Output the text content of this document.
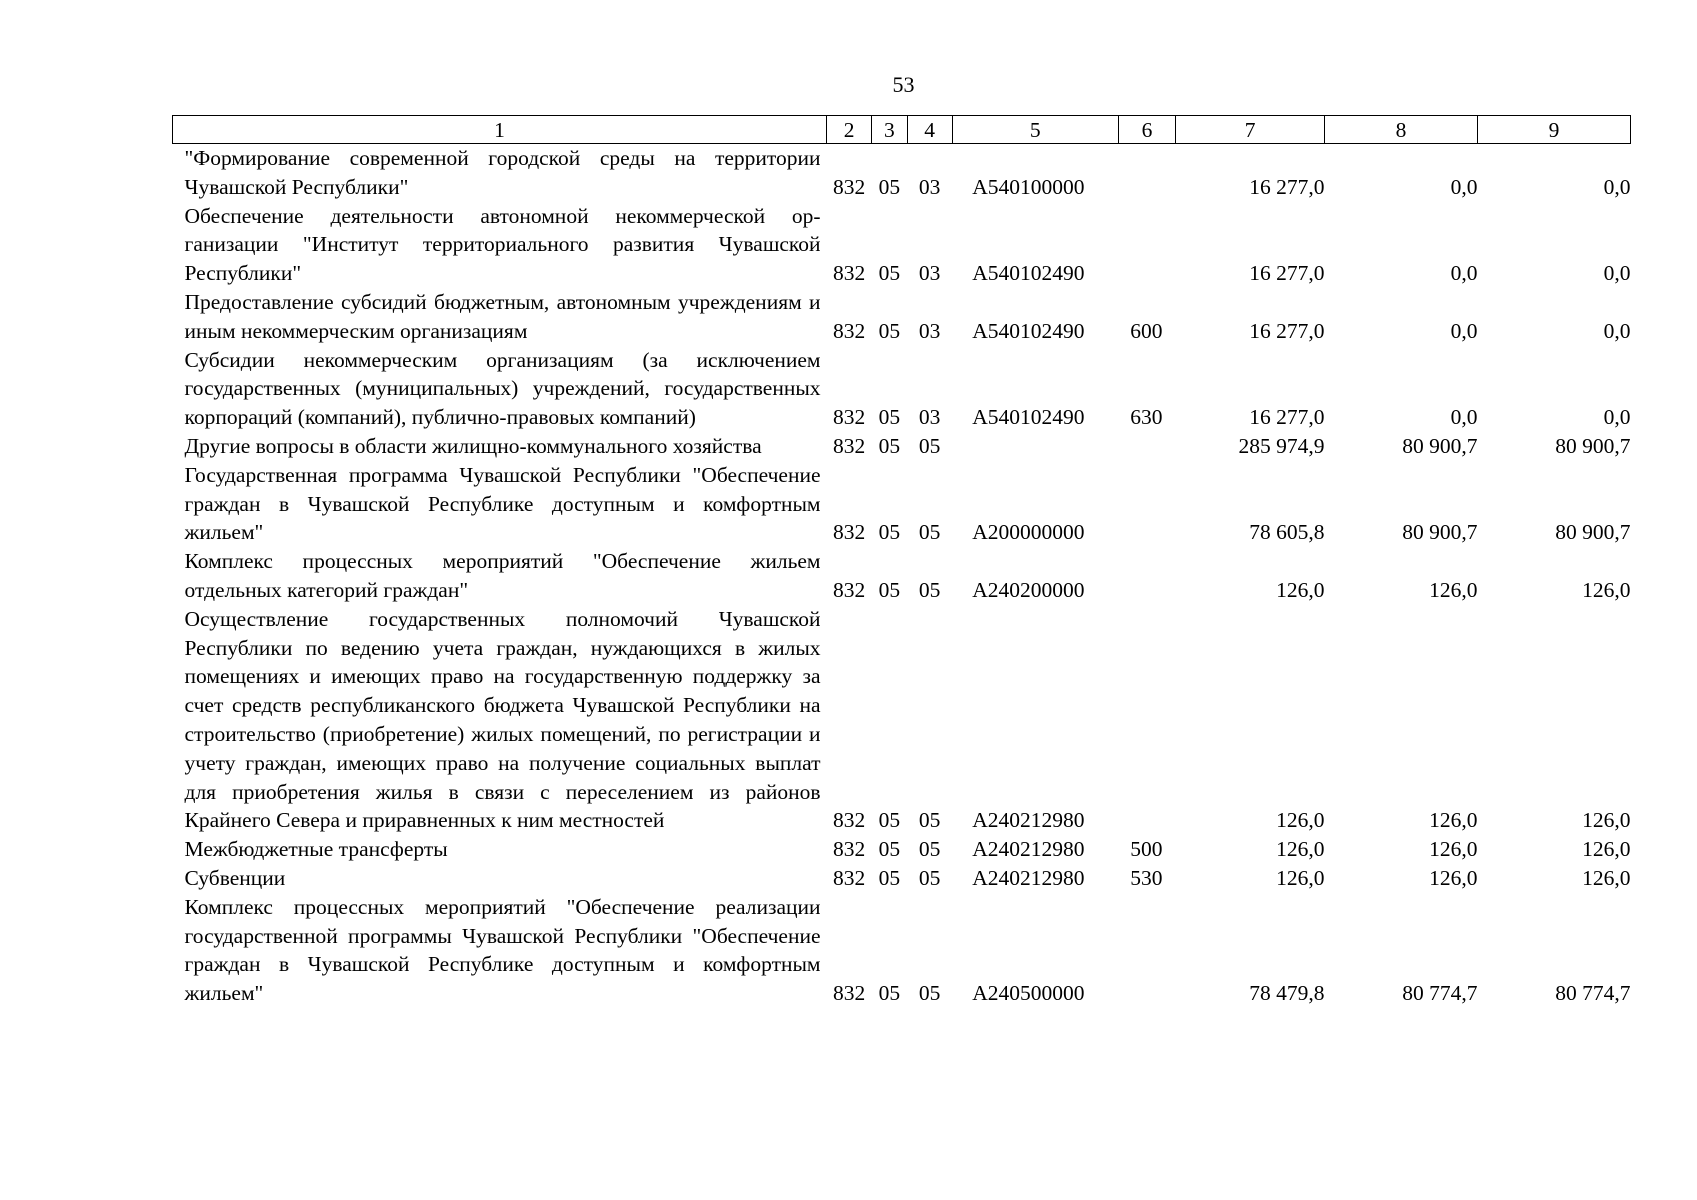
53
1	2	3	4	5	6	7	8	9
"Формирование современной городской среды на территории Чувашской Республики"	832	05	03	A540100000		16 277,0	0,0	0,0
Обеспечение деятельности автономной некоммерческой организации "Институт территориального развития Чувашской Республики"	832	05	03	A540102490		16 277,0	0,0	0,0
Предоставление субсидий бюджетным, автономным учреждениям и иным некоммерческим организациям	832	05	03	A540102490	600	16 277,0	0,0	0,0
Субсидии некоммерческим организациям (за исключением государственных (муниципальных) учреждений, государственных корпораций (компаний), публично-правовых компаний)	832	05	03	A540102490	630	16 277,0	0,0	0,0
Другие вопросы в области жилищно-коммунального хозяйства	832	05	05			285 974,9	80 900,7	80 900,7
Государственная программа Чувашской Республики "Обеспечение граждан в Чувашской Республике доступным и комфортным жильем"	832	05	05	A200000000		78 605,8	80 900,7	80 900,7
Комплекс процессных мероприятий "Обеспечение жильем отдельных категорий граждан"	832	05	05	A240200000		126,0	126,0	126,0
Осуществление государственных полномочий Чувашской Республики по ведению учета граждан, нуждающихся в жилых помещениях и имеющих право на государственную поддержку за счет средств республиканского бюджета Чувашской Республики на строительство (приобретение) жилых помещений, по регистрации и учету граждан, имеющих право на получение социальных выплат для приобретения жилья в связи с переселением из районов Крайнего Севера и приравненных к ним местностей	832	05	05	A240212980		126,0	126,0	126,0
Межбюджетные трансферты	832	05	05	A240212980	500	126,0	126,0	126,0
Субвенции	832	05	05	A240212980	530	126,0	126,0	126,0
Комплекс процессных мероприятий "Обеспечение реализации государственной программы Чувашской Республики "Обеспечение граждан в Чувашской Республике доступным и комфортным жильем"	832	05	05	A240500000		78 479,8	80 774,7	80 774,7
